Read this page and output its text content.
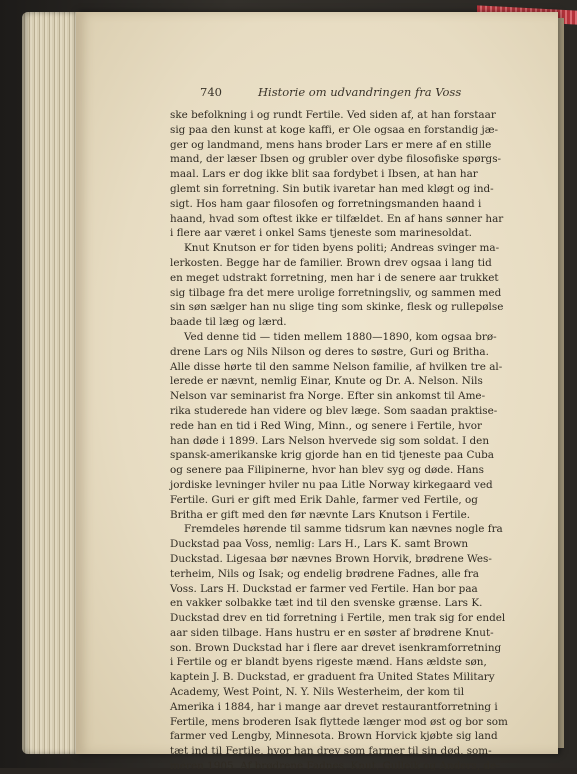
740	Historie om udvandringen fra Voss
ske befolkning i og rundt Fertile. Ved siden af, at han forstaar
sig paa den kunst at koge kaffi, er Ole ogsaa en forstandig jæ-
ger og landmand, mens hans broder Lars er mere af en stille
mand, der læser Ibsen og grubler over dybe filosofiske spørgs-
maal. Lars er dog ikke blit saa fordybet i Ibsen, at han har
glemt sin forretning. Sin butik ivaretar han med kløgt og ind-
sigt. Hos ham gaar filosofen og forretningsmanden haand i
haand, hvad som oftest ikke er tilfældet. En af hans sønner har
i flere aar været i onkel Sams tjeneste som marinesoldat.
Knut Knutson er for tiden byens politi; Andreas svinger ma-
lerkosten. Begge har de familier. Brown drev ogsaa i lang tid
en meget udstrakt forretning, men har i de senere aar trukket
sig tilbage fra det mere urolige forretningsliv, og sammen med
sin søn sælger han nu slige ting som skinke, flesk og rullepølse
baade til læg og lærd.
Ved denne tid — tiden mellem 1880—1890, kom ogsaa brø-
drene Lars og Nils Nilson og deres to søstre, Guri og Britha.
Alle disse hørte til den samme Nelson familie, af hvilken tre al-
lerede er nævnt, nemlig Einar, Knute og Dr. A. Nelson. Nils
Nelson var seminarist fra Norge. Efter sin ankomst til Ame-
rika studerede han videre og blev læge. Som saadan praktise-
rede han en tid i Red Wing, Minn., og senere i Fertile, hvor
han døde i 1899. Lars Nelson hvervede sig som soldat. I den
spansk-amerikanske krig gjorde han en tid tjeneste paa Cuba
og senere paa Filipinerne, hvor han blev syg og døde. Hans
jordiske levninger hviler nu paa Litle Norway kirkegaard ved
Fertile. Guri er gift med Erik Dahle, farmer ved Fertile, og
Britha er gift med den før nævnte Lars Knutson i Fertile.
Fremdeles hørende til samme tidsrum kan nævnes nogle fra
Duckstad paa Voss, nemlig: Lars H., Lars K. samt Brown
Duckstad. Ligesaa bør nævnes Brown Horvik, brødrene Wes-
terheim, Nils og Isak; og endelig brødrene Fadnes, alle fra
Voss. Lars H. Duckstad er farmer ved Fertile. Han bor paa
en vakker solbakke tæt ind til den svenske grænse. Lars K.
Duckstad drev en tid forretning i Fertile, men trak sig for endel
aar siden tilbage. Hans hustru er en søster af brødrene Knut-
son. Brown Duckstad har i flere aar drevet isenkramforretning
i Fertile og er blandt byens rigeste mænd. Hans ældste søn,
kaptein J. B. Duckstad, er graduent fra United States Military
Academy, West Point, N. Y. Nils Westerheim, der kom til
Amerika i 1884, har i mange aar drevet restaurantforretning i
Fertile, mens broderen Isak flyttede længer mod øst og bor som
farmer ved Lengby, Minnesota. Brown Horvick kjøbte sig land
tæt ind til Fertile, hvor han drev som farmer til sin død, som-
meren 1905. Af brødrene Fadnes, Knut, Gulleik og Anders, de-
